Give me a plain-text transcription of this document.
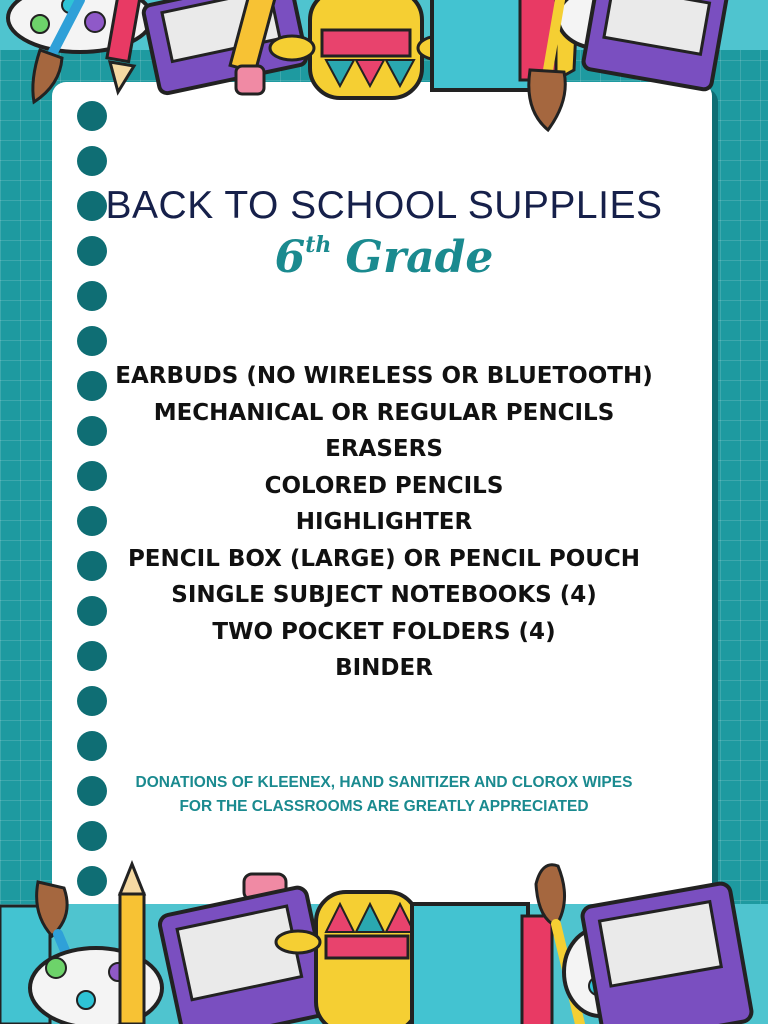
BACK TO SCHOOL SUPPLIES
6th Grade
EARBUDS (NO WIRELESS OR BLUETOOTH)
MECHANICAL OR REGULAR PENCILS
ERASERS
COLORED PENCILS
HIGHLIGHTER
PENCIL BOX (LARGE) OR PENCIL POUCH
SINGLE SUBJECT NOTEBOOKS (4)
TWO POCKET FOLDERS (4)
BINDER
DONATIONS OF KLEENEX, HAND SANITIZER AND CLOROX WIPES
FOR THE CLASSROOMS ARE GREATLY APPRECIATED
